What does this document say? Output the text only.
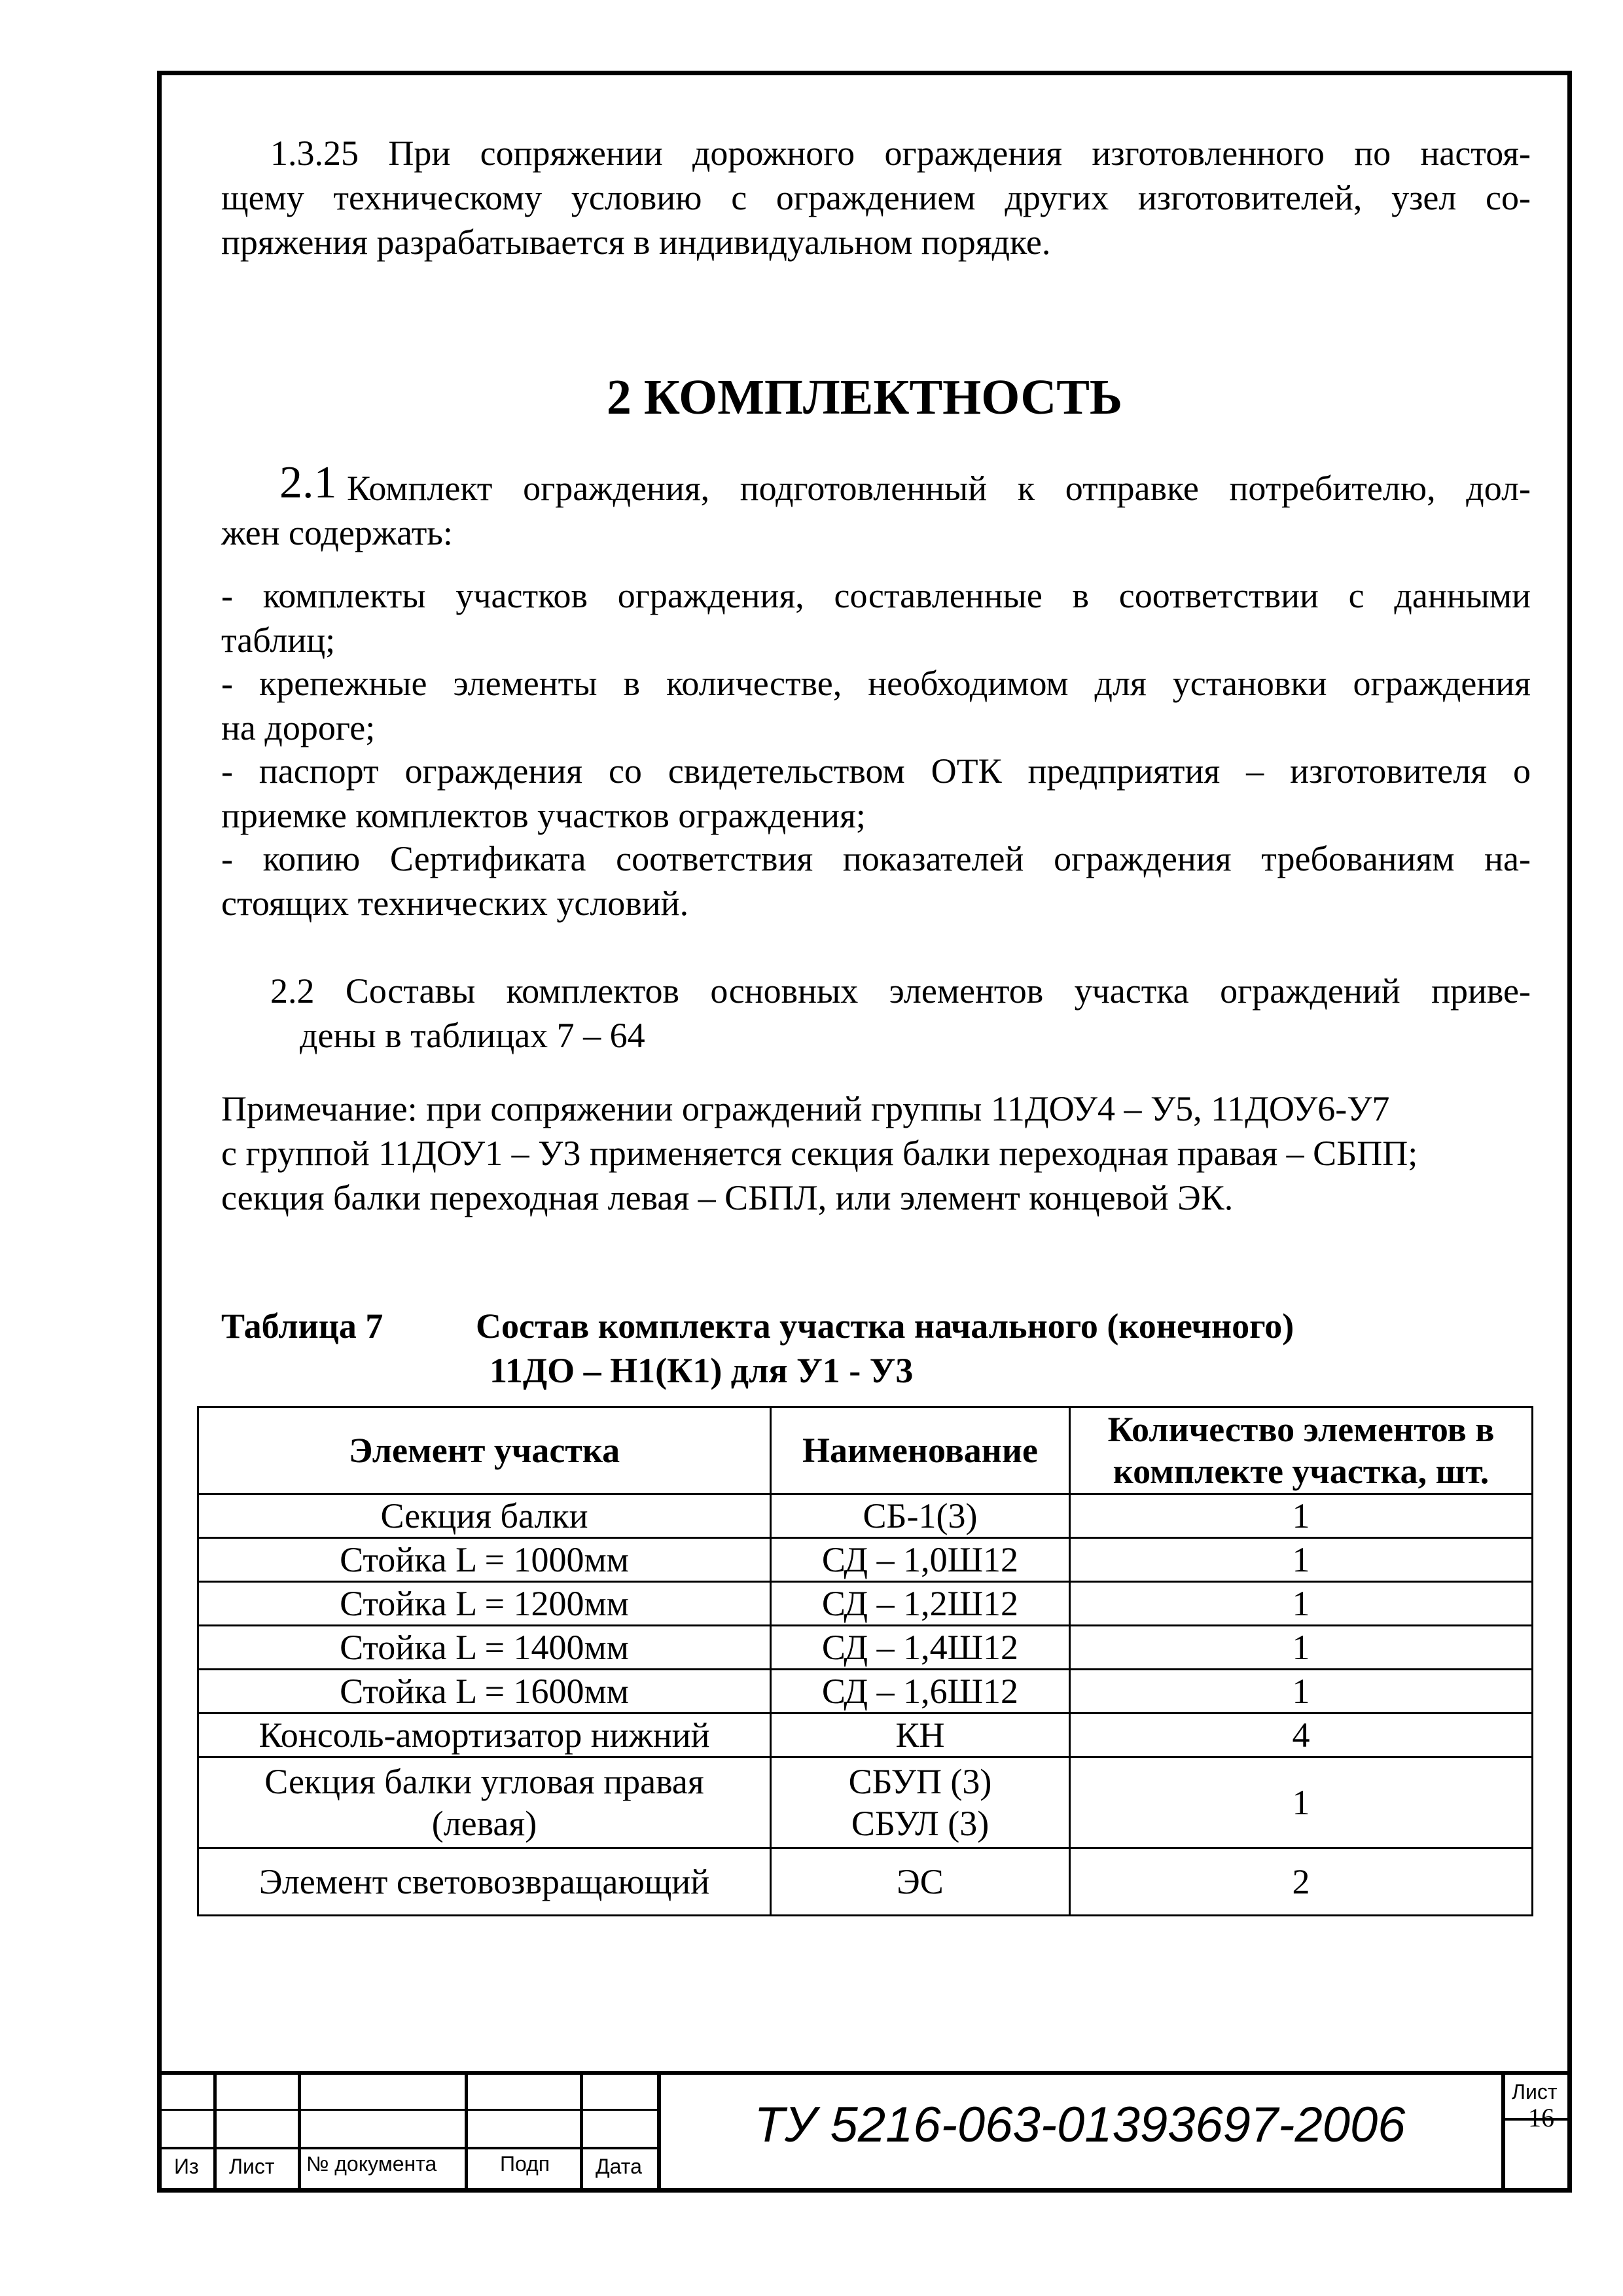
1.3.25 При сопряжении дорожного ограждения изготовленного по настоя-
щему техническому условию с ограждением других изготовителей, узел со-
пряжения разрабатывается в индивидуальном порядке.
2 КОМПЛЕКТНОСТЬ
2.1 Комплект ограждения, подготовленный к отправке потребителю, дол-
жен содержать:
- комплекты участков ограждения, составленные в соответствии с данными
таблиц;
- крепежные элементы в количестве, необходимом для установки ограждения
на дороге;
- паспорт ограждения со свидетельством ОТК предприятия – изготовителя о
приемке комплектов участков ограждения;
- копию Сертификата соответствия показателей ограждения требованиям на-
стоящих технических условий.
2.2 Составы комплектов основных элементов участка ограждений приве-
дены в таблицах 7 – 64
Примечание: при сопряжении ограждений группы 11ДОУ4 – У5, 11ДОУ6-У7
с группой 11ДОУ1 – У3 применяется секция балки переходная правая – СБПП;
секция балки переходная левая – СБПЛ, или элемент концевой ЭК.
Таблица 7	Состав комплекта участка начального (конечного)
11ДО – Н1(К1) для У1 - У3
Элемент участка	Наименование	Количество элементов в
комплекте участка, шт.
Секция балки	СБ-1(3)	1
Стойка L = 1000мм	СД – 1,0Ш12	1
Стойка L = 1200мм	СД – 1,2Ш12	1
Стойка L = 1400мм	СД – 1,4Ш12	1
Стойка L = 1600мм	СД – 1,6Ш12	1
Консоль-амортизатор нижний	КН	4
Секция балки угловая правая
(левая)	СБУП (3)
СБУЛ (3)	1
Элемент световозвращающий	ЭС	2
Из Лист № документа	Подп Дата
Лист
ТУ 5216-063-01393697-2006	16
